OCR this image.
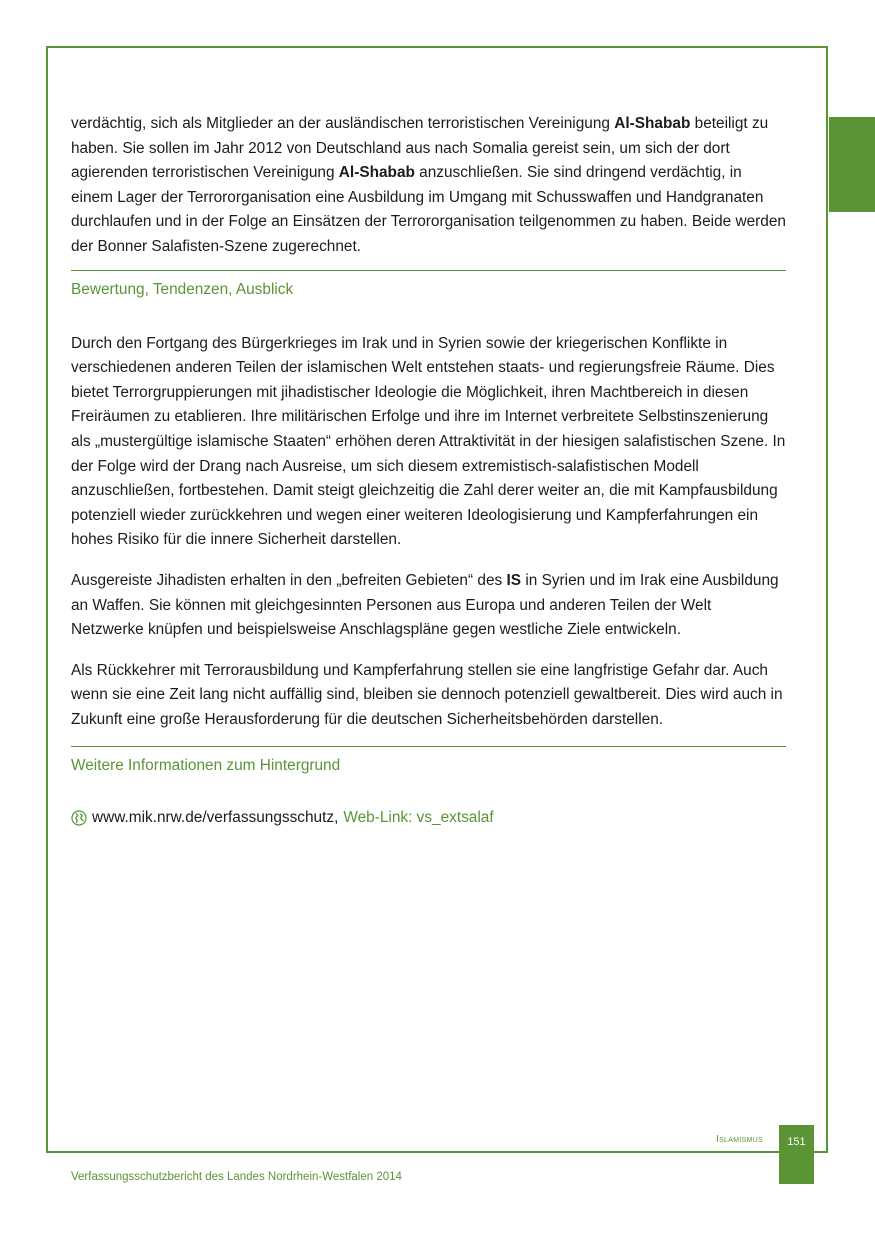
verdächtig, sich als Mitglieder an der ausländischen terroristischen Vereinigung Al-Shabab beteiligt zu haben. Sie sollen im Jahr 2012 von Deutschland aus nach Somalia gereist sein, um sich der dort agierenden terroristischen Vereinigung Al-Shabab anzuschließen. Sie sind dringend verdächtig, in einem Lager der Terrororganisation eine Ausbildung im Umgang mit Schusswaffen und Handgranaten durchlaufen und in der Folge an Einsätzen der Terrororganisation teilgenommen zu haben. Beide werden der Bonner Salafisten-Szene zugerechnet.

Bewertung, Tendenzen, Ausblick

Durch den Fortgang des Bürgerkrieges im Irak und in Syrien sowie der kriegerischen Konflikte in verschiedenen anderen Teilen der islamischen Welt entstehen staats- und regierungsfreie Räume. Dies bietet Terrorgruppierungen mit jihadistischer Ideologie die Möglichkeit, ihren Machtbereich in diesen Freiräumen zu etablieren. Ihre militärischen Erfolge und ihre im Internet verbreitete Selbstinszenierung als „mustergültige islamische Staaten“ erhöhen deren Attraktivität in der hiesigen salafistischen Szene. In der Folge wird der Drang nach Ausreise, um sich diesem extremistisch-salafistischen Modell anzuschließen, fortbestehen. Damit steigt gleichzeitig die Zahl derer weiter an, die mit Kampfausbildung potenziell wieder zurückkehren und wegen einer weiteren Ideologisierung und Kampferfahrungen ein hohes Risiko für die innere Sicherheit darstellen.

Ausgereiste Jihadisten erhalten in den „befreiten Gebieten“ des IS in Syrien und im Irak eine Ausbildung an Waffen. Sie können mit gleichgesinnten Personen aus Europa und anderen Teilen der Welt Netzwerke knüpfen und beispielsweise Anschlagspläne gegen westliche Ziele entwickeln.

Als Rückkehrer mit Terrorausbildung und Kampferfahrung stellen sie eine langfristige Gefahr dar. Auch wenn sie eine Zeit lang nicht auffällig sind, bleiben sie dennoch potenziell gewaltbereit. Dies wird auch in Zukunft eine große Herausforderung für die deutschen Sicherheitsbehörden darstellen.

Weitere Informationen zum Hintergrund
www.mik.nrw.de/verfassungsschutz, Web-Link: vs_extsalaf
Islamismus	151
Verfassungsschutzbericht des Landes Nordrhein-Westfalen 2014
